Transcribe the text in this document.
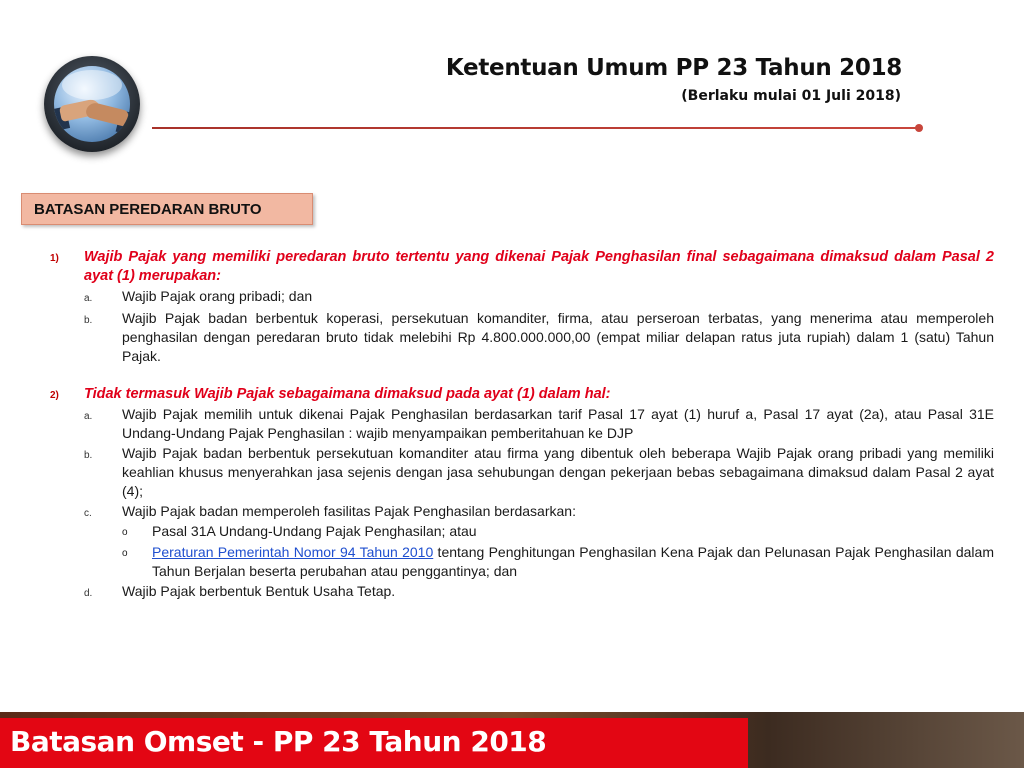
Ketentuan Umum PP 23 Tahun 2018
(Berlaku mulai 01 Juli 2018)
BATASAN PEREDARAN BRUTO
1)	Wajib Pajak yang memiliki peredaran bruto tertentu yang dikenai Pajak Penghasilan final sebagaimana dimaksud dalam Pasal 2 ayat (1) merupakan:
a.	Wajib Pajak orang pribadi; dan
b.	Wajib Pajak badan berbentuk koperasi, persekutuan komanditer, firma, atau perseroan terbatas, yang menerima atau memperoleh penghasilan dengan peredaran bruto tidak melebihi Rp 4.800.000.000,00 (empat miliar delapan ratus juta rupiah) dalam 1 (satu) Tahun Pajak.
2)	Tidak termasuk Wajib Pajak sebagaimana dimaksud pada ayat (1) dalam hal:
a.	Wajib Pajak memilih untuk dikenai Pajak Penghasilan berdasarkan tarif Pasal 17 ayat (1) huruf a, Pasal 17 ayat (2a), atau Pasal 31E Undang-Undang Pajak Penghasilan : wajib menyampaikan pemberitahuan ke DJP
b.	Wajib Pajak badan berbentuk persekutuan komanditer atau firma yang dibentuk oleh beberapa Wajib Pajak orang pribadi yang memiliki keahlian khusus menyerahkan jasa sejenis dengan jasa sehubungan dengan pekerjaan bebas sebagaimana dimaksud dalam Pasal 2 ayat (4);
c.	Wajib Pajak badan memperoleh fasilitas Pajak Penghasilan berdasarkan:
o	Pasal 31A Undang-Undang Pajak Penghasilan; atau
o	Peraturan Pemerintah Nomor 94 Tahun 2010 tentang Penghitungan Penghasilan Kena Pajak dan Pelunasan Pajak Penghasilan dalam Tahun Berjalan beserta perubahan atau penggantinya; dan
d.	Wajib Pajak berbentuk Bentuk Usaha Tetap.
Batasan Omset - PP 23 Tahun 2018
